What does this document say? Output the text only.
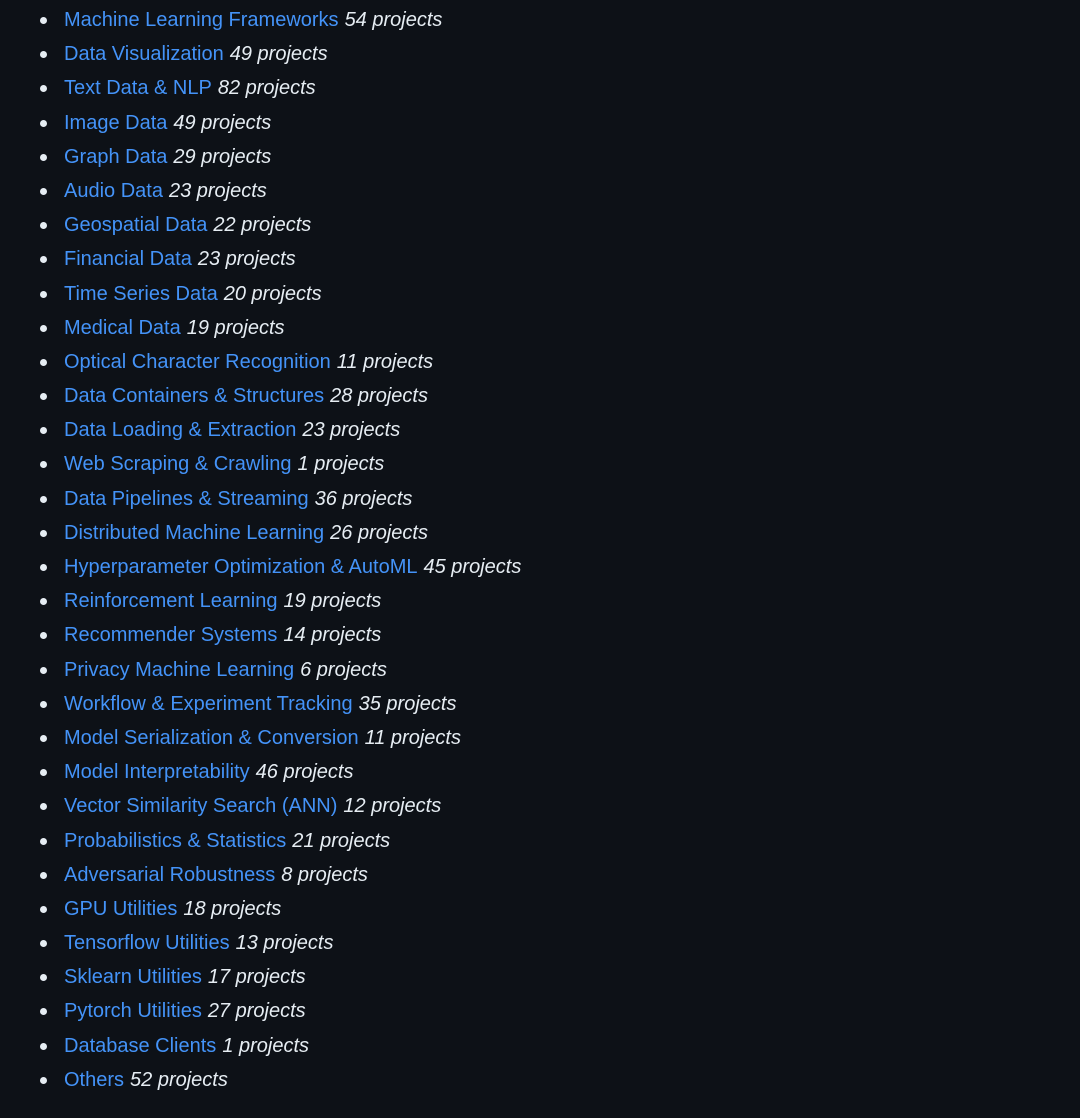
Machine Learning Frameworks 54 projects
Data Visualization 49 projects
Text Data & NLP 82 projects
Image Data 49 projects
Graph Data 29 projects
Audio Data 23 projects
Geospatial Data 22 projects
Financial Data 23 projects
Time Series Data 20 projects
Medical Data 19 projects
Optical Character Recognition 11 projects
Data Containers & Structures 28 projects
Data Loading & Extraction 23 projects
Web Scraping & Crawling 1 projects
Data Pipelines & Streaming 36 projects
Distributed Machine Learning 26 projects
Hyperparameter Optimization & AutoML 45 projects
Reinforcement Learning 19 projects
Recommender Systems 14 projects
Privacy Machine Learning 6 projects
Workflow & Experiment Tracking 35 projects
Model Serialization & Conversion 11 projects
Model Interpretability 46 projects
Vector Similarity Search (ANN) 12 projects
Probabilistics & Statistics 21 projects
Adversarial Robustness 8 projects
GPU Utilities 18 projects
Tensorflow Utilities 13 projects
Sklearn Utilities 17 projects
Pytorch Utilities 27 projects
Database Clients 1 projects
Others 52 projects
